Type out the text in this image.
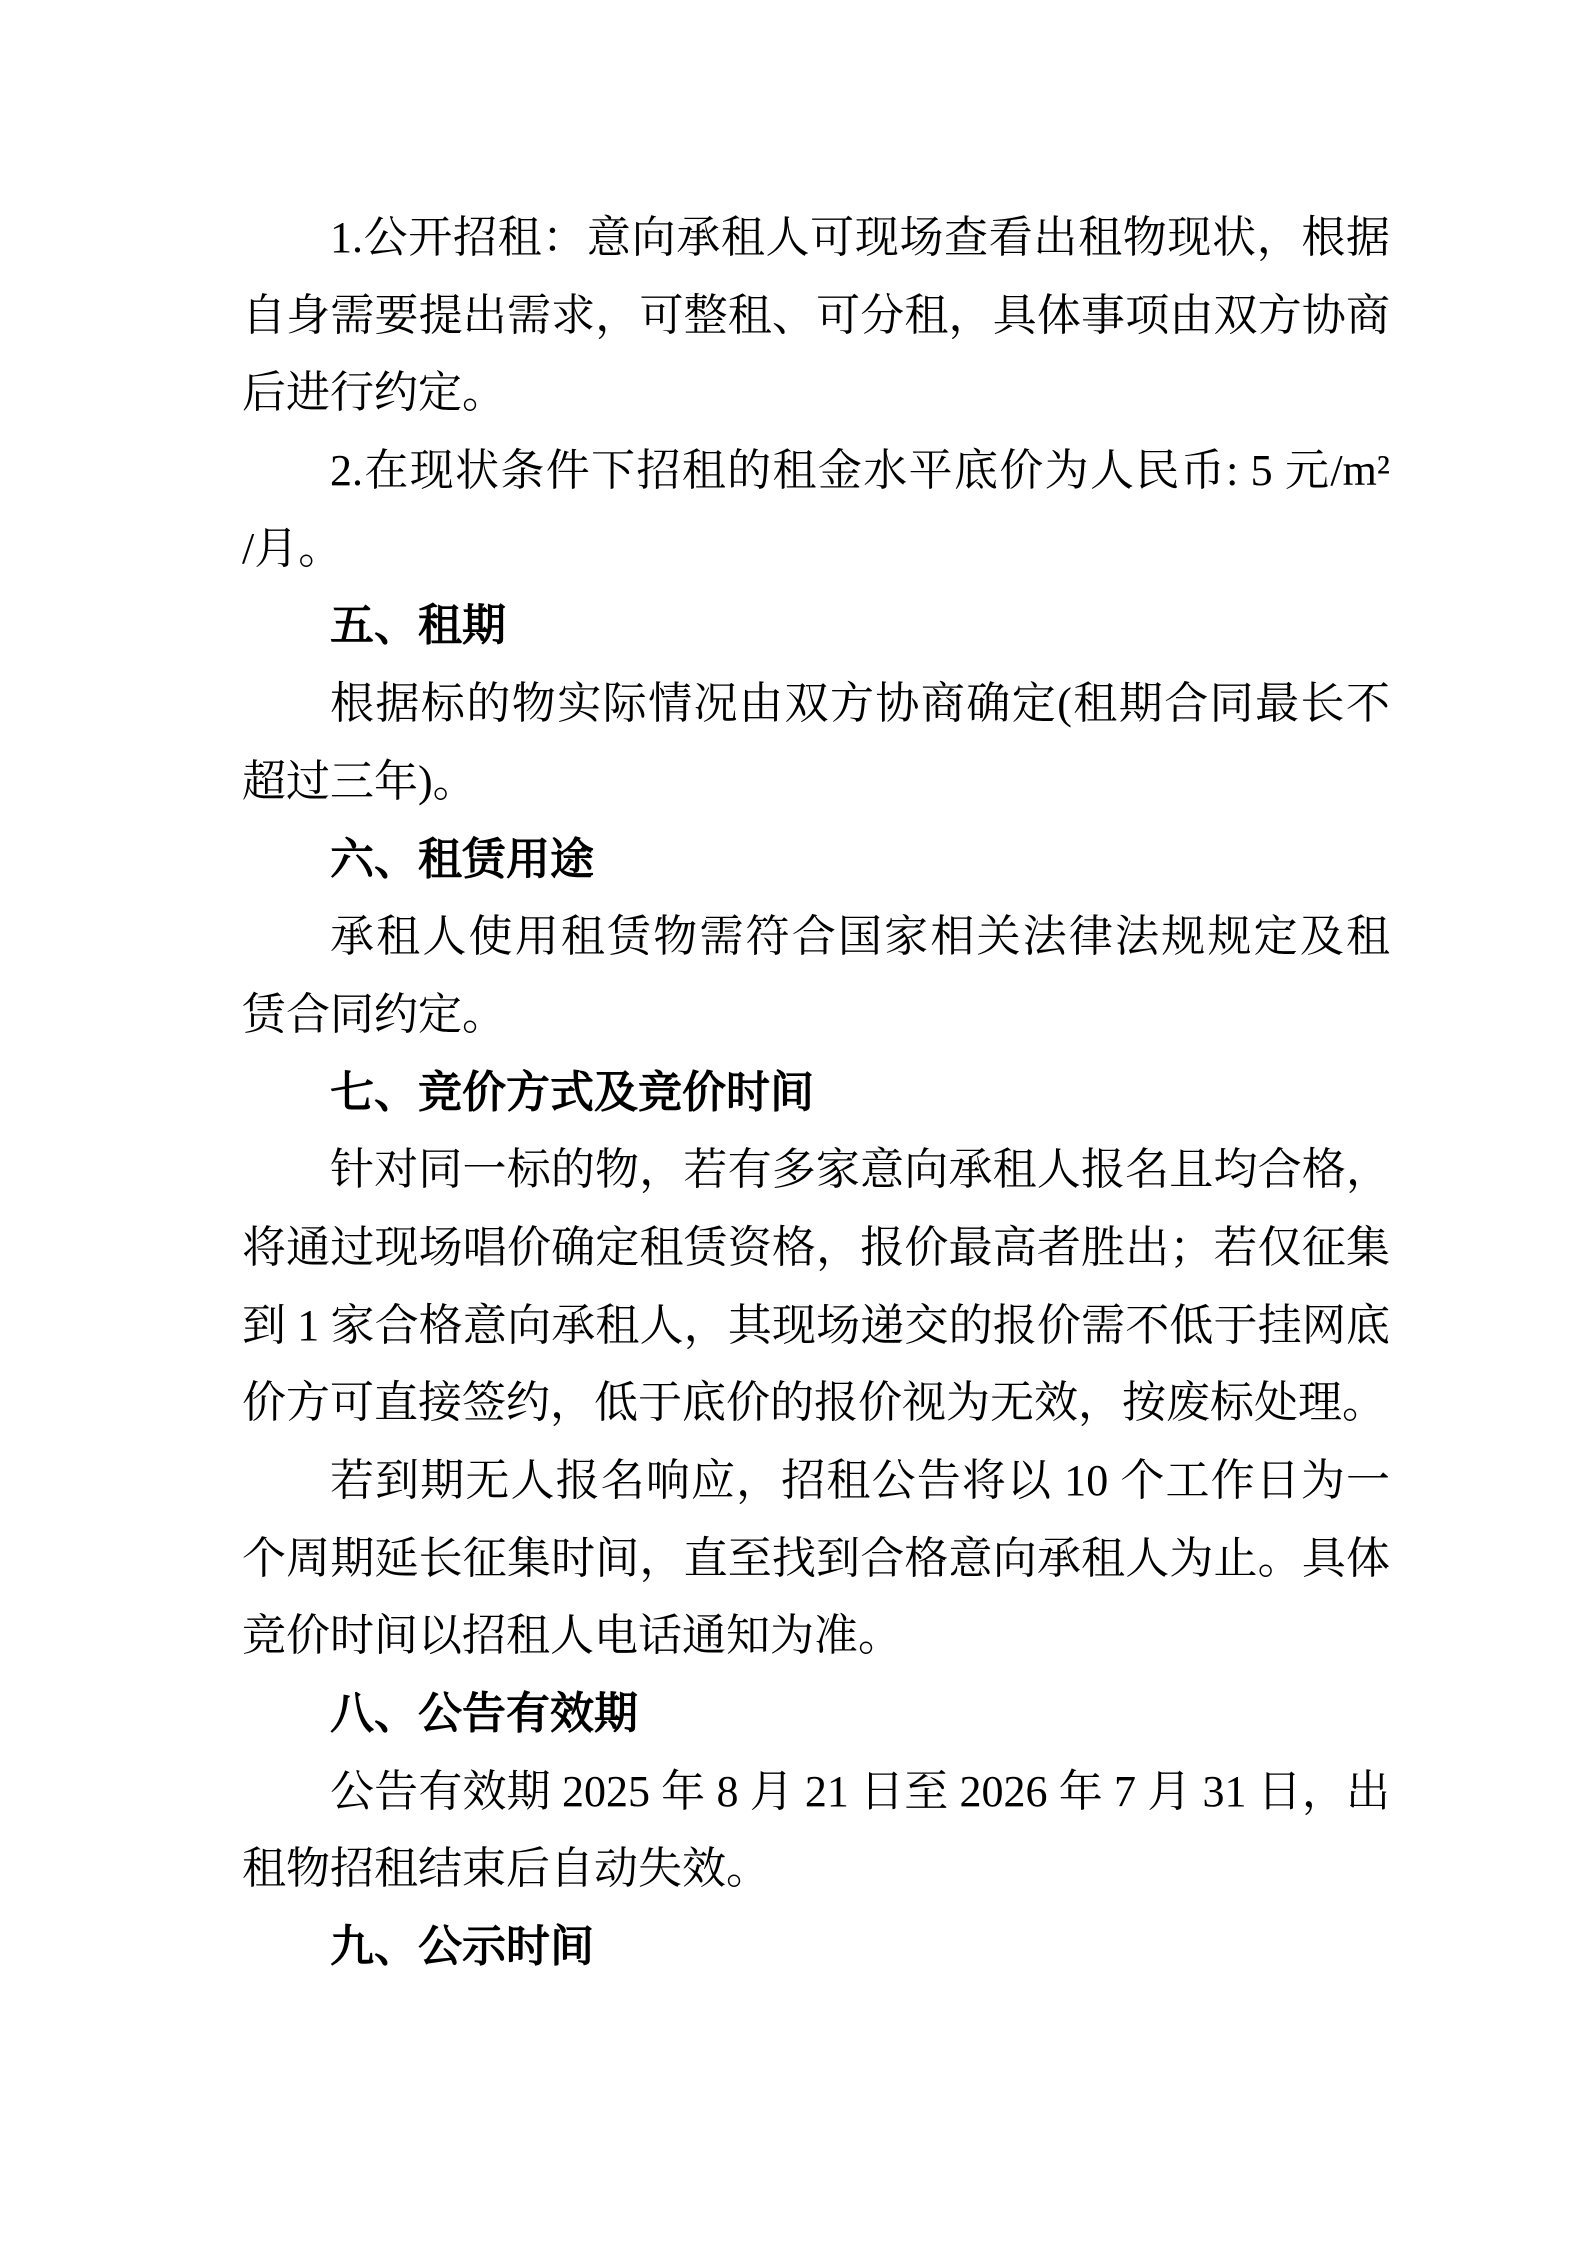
1.公开招租：意向承租人可现场查看出租物现状，根据
自身需要提出需求，可整租、可分租，具体事项由双方协商
后进行约定。
2.在现状条件下招租的租金水平底价为人民币: 5 元/m²
/月。
五、租期
根据标的物实际情况由双方协商确定(租期合同最长不
超过三年)。
六、租赁用途
承租人使用租赁物需符合国家相关法律法规规定及租
赁合同约定。
七、竞价方式及竞价时间
针对同一标的物，若有多家意向承租人报名且均合格，
将通过现场唱价确定租赁资格，报价最高者胜出；若仅征集
到 1 家合格意向承租人，其现场递交的报价需不低于挂网底
价方可直接签约，低于底价的报价视为无效，按废标处理。
若到期无人报名响应，招租公告将以 10 个工作日为一
个周期延长征集时间，直至找到合格意向承租人为止。具体
竞价时间以招租人电话通知为准。
八、公告有效期
公告有效期 2025 年 8 月 21 日至 2026 年 7 月 31 日，出
租物招租结束后自动失效。
九、公示时间
